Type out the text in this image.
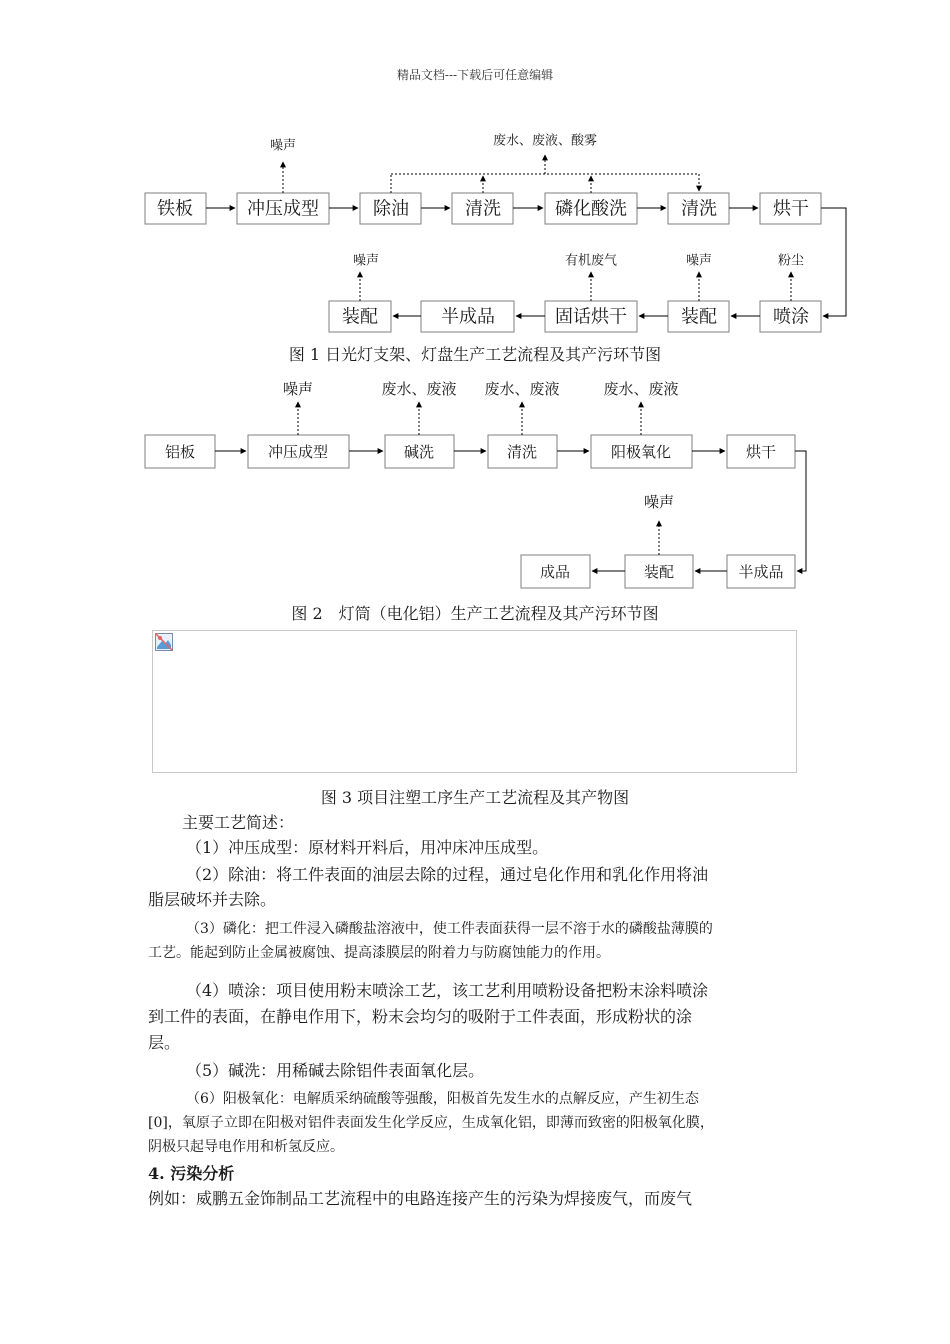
精品文档---下载后可任意编辑
铁板	冲压成型	除油	清洗	磷化酸洗	清洗	烘干
装配	半成品	固话烘干	装配	喷涂
噪声	废水、废液、酸雾
噪声	有机废气	噪声	粉尘
铝板	冲压成型	碱洗	清洗	阳极氧化	烘干
成品	装配	半成品
噪声	废水、废液 废水、废液	废水、废液
噪声
图 1 日光灯支架、灯盘生产工艺流程及其产污环节图
图 2　灯筒（电化铝）生产工艺流程及其产污环节图
图 3 项目注塑工序生产工艺流程及其产物图
主要工艺简述：
（1）冲压成型：原材料开料后，用冲床冲压成型。
（2）除油：将工件表面的油层去除的过程，通过皂化作用和乳化作用将油
脂层破坏并去除。
（3）磷化：把工件浸入磷酸盐溶液中，使工件表面获得一层不溶于水的磷酸盐薄膜的
工艺。能起到防止金属被腐蚀、提高漆膜层的附着力与防腐蚀能力的作用。
（4）喷涂：项目使用粉末喷涂工艺，该工艺利用喷粉设备把粉末涂料喷涂
到工件的表面，在静电作用下，粉末会均匀的吸附于工件表面，形成粉状的涂
层。
（5）碱洗：用稀碱去除铝件表面氧化层。
（6）阳极氧化：电解质采纳硫酸等强酸，阳极首先发生水的点解反应，产生初生态
[0]，氧原子立即在阳极对铝件表面发生化学反应，生成氧化铝，即薄而致密的阳极氧化膜，
阴极只起导电作用和析氢反应。
4. 污染分析
例如：威鹏五金饰制品工艺流程中的电路连接产生的污染为焊接废气，而废气
